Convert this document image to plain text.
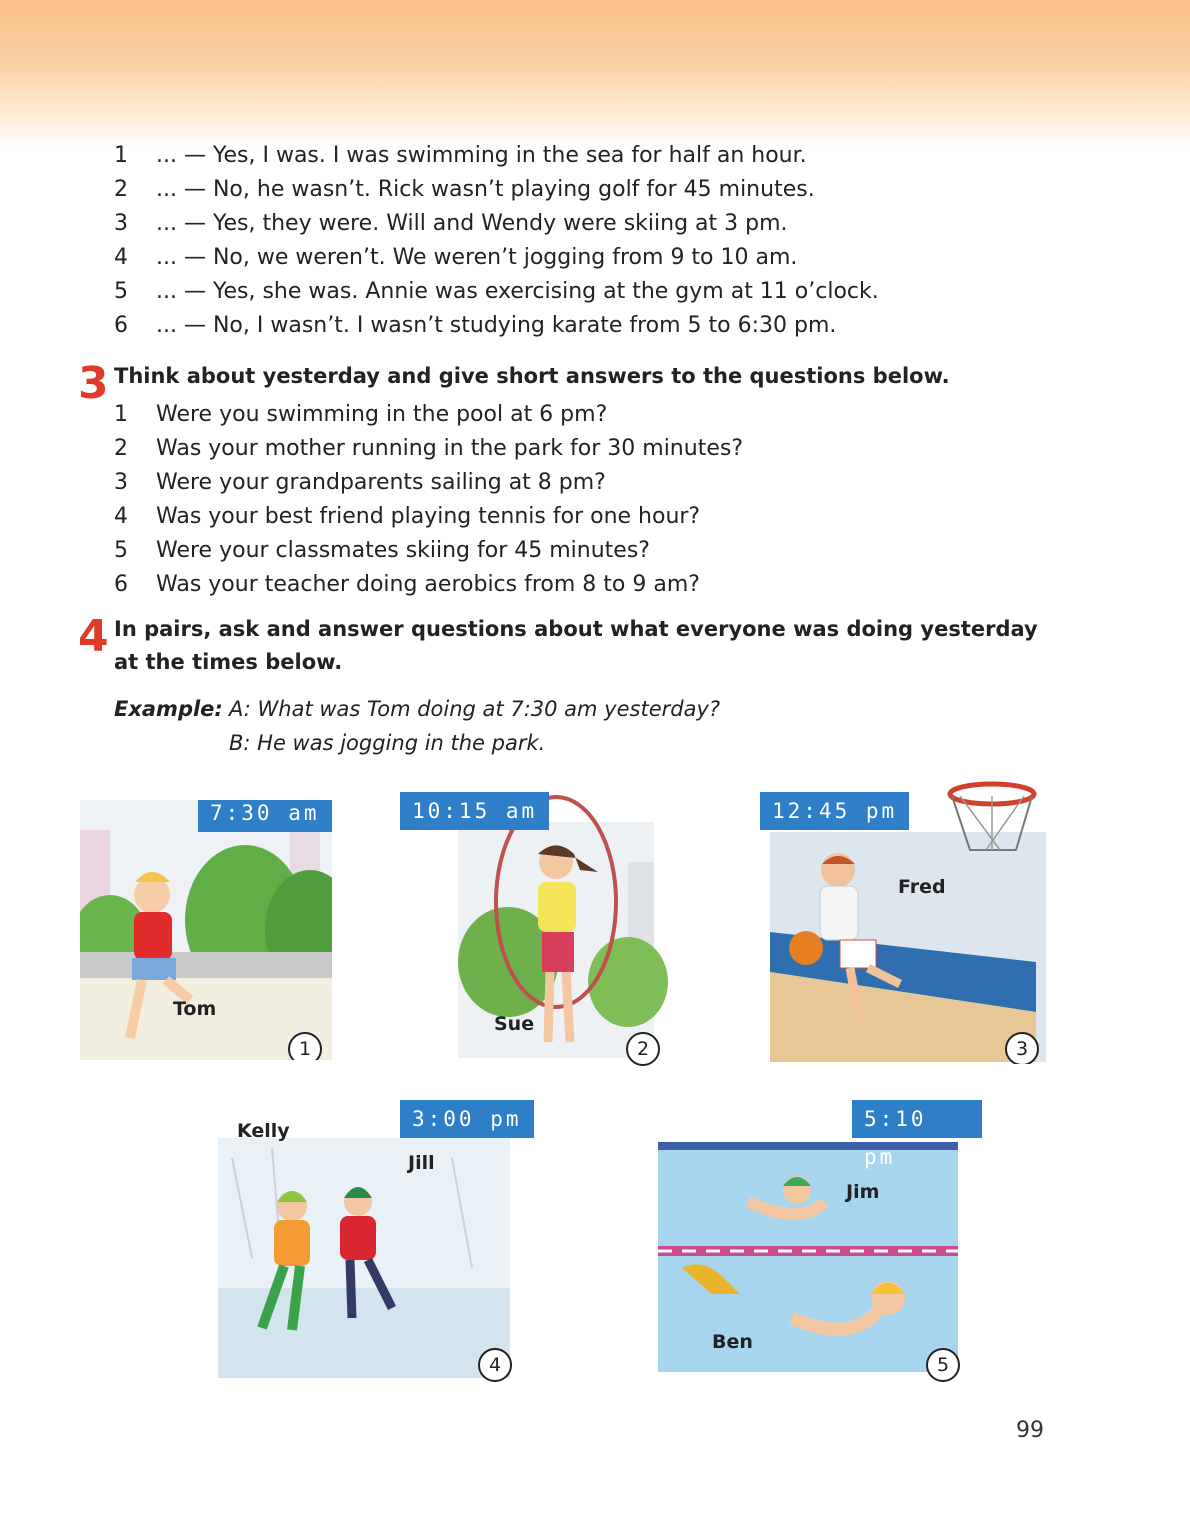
1 ... — Yes, I was. I was swimming in the sea for half an hour.
2 ... — No, he wasn’t. Rick wasn’t playing golf for 45 minutes.
3 ... — Yes, they were. Will and Wendy were skiing at 3 pm.
4 ... — No, we weren’t. We weren’t jogging from 9 to 10 am.
5 ... — Yes, she was. Annie was exercising at the gym at 11 o’clock.
6 ... — No, I wasn’t. I wasn’t studying karate from 5 to 6:30 pm.
3 Think about yesterday and give short answers to the questions below.
1 Were you swimming in the pool at 6 pm?
2 Was your mother running in the park for 30 minutes?
3 Were your grandparents sailing at 8 pm?
4 Was your best friend playing tennis for one hour?
5 Were your classmates skiing for 45 minutes?
6 Was your teacher doing aerobics from 8 to 9 am?
4 In pairs, ask and answer questions about what everyone was doing yesterday
at the times below.
Example: A: What was Tom doing at 7:30 am yesterday?
B: He was jogging in the park.
7:30 am
Tom
1
10:15 am
Sue
2
12:45 pm
Fred
3
3:00 pm
Kelly
Jill
4
5:10 pm
Jim
Ben
5
99
